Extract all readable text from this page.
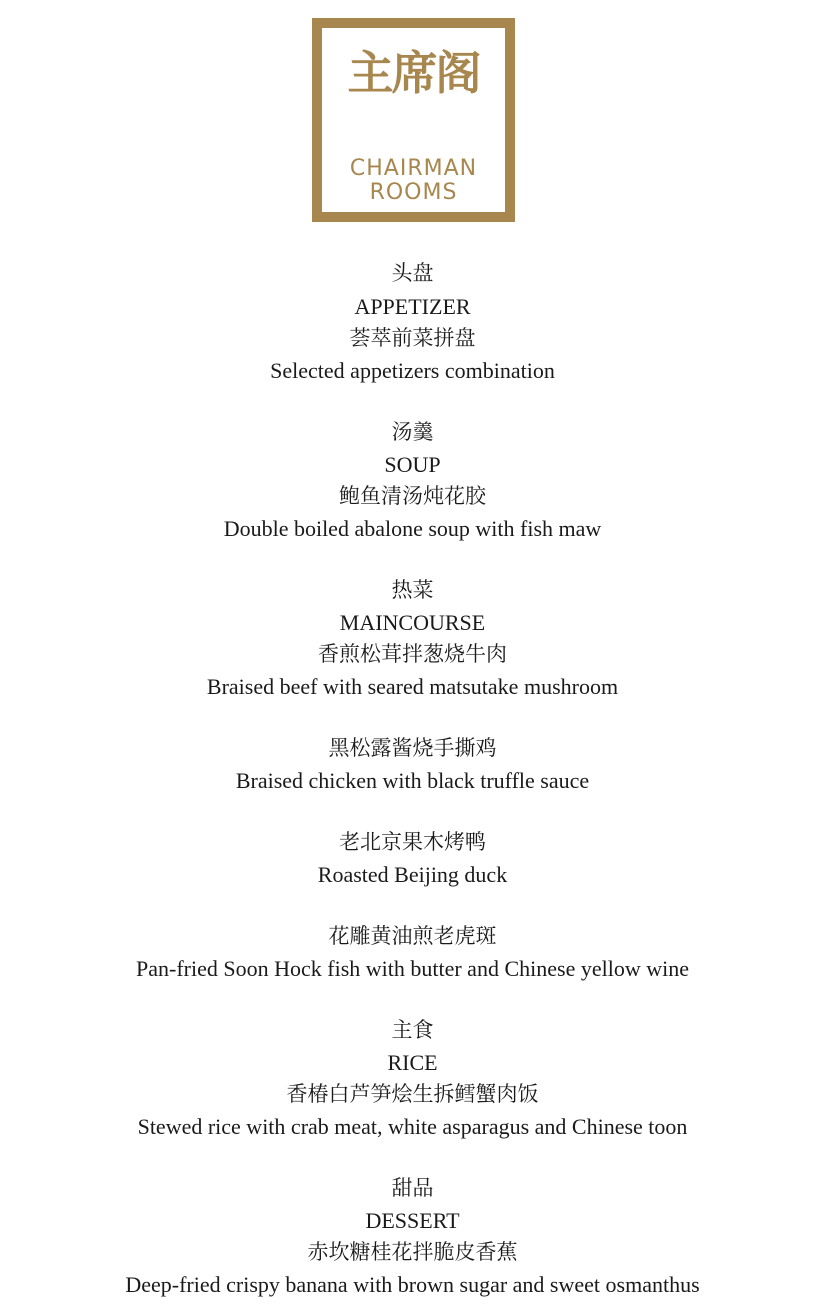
主席阁
CHAIRMAN
ROOMS
头盘
APPETIZER
荟萃前菜拼盘
Selected appetizers combination
汤羹
SOUP
鲍鱼清汤炖花胶
Double boiled abalone soup with fish maw
热菜
MAINCOURSE
香煎松茸拌葱烧牛肉
Braised beef with seared matsutake mushroom
黑松露酱烧手撕鸡
Braised chicken with black truffle sauce
老北京果木烤鸭
Roasted Beijing duck
花雕黄油煎老虎斑
Pan-fried Soon Hock fish with butter and Chinese yellow wine
主食
RICE
香椿白芦笋烩生拆鳕蟹肉饭
Stewed rice with crab meat, white asparagus and Chinese toon
甜品
DESSERT
赤坎糖桂花拌脆皮香蕉
Deep-fried crispy banana with brown sugar and sweet osmanthus
